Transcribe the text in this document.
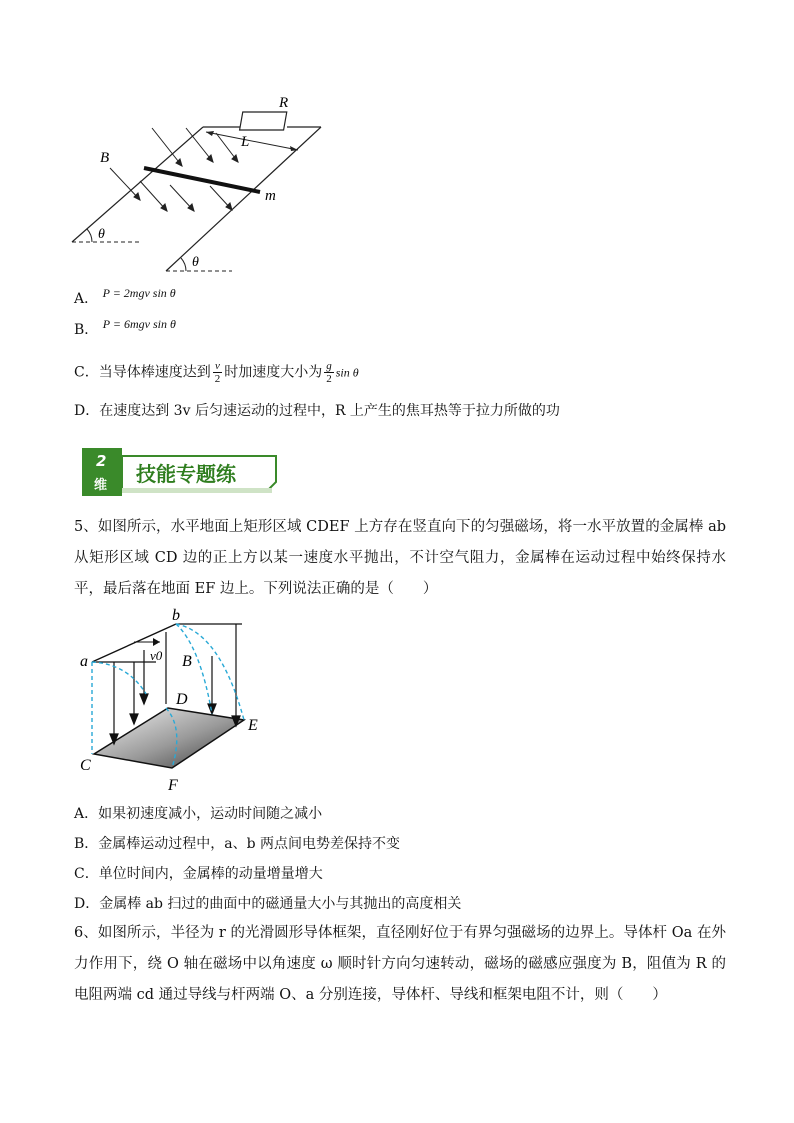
R
L
B
m
θ
θ
A． P = 2mgv sin θ
B． P = 6mgv sin θ
C．当导体棒速度达到 $\frac{v}{2}$ 时加速度大小为 $\frac{g}{2}$ sin θ
D．在速度达到 3v 后匀速运动的过程中，R 上产生的焦耳热等于拉力所做的功
2
维 技能专题练
5、如图所示，水平地面上矩形区域 CDEF 上方存在竖直向下的匀强磁场，将一水平放置的金属棒 ab 从矩形区域 CD 边的正上方以某一速度水平抛出，不计空气阻力，金属棒在运动过程中始终保持水平，最后落在地面 EF 边上。下列说法正确的是（　　）
a
b
v0 B
D
E
C
F
A．如果初速度减小，运动时间随之减小
B．金属棒运动过程中，a、b 两点间电势差保持不变
C．单位时间内，金属棒的动量增量增大
D．金属棒 ab 扫过的曲面中的磁通量大小与其抛出的高度相关
6、如图所示，半径为 r 的光滑圆形导体框架，直径刚好位于有界匀强磁场的边界上。导体杆 Oa 在外力作用下，绕 O 轴在磁场中以角速度 ω 顺时针方向匀速转动，磁场的磁感应强度为 B，阻值为 R 的电阻两端 cd 通过导线与杆两端 O、a 分别连接，导体杆、导线和框架电阻不计，则（　　）
